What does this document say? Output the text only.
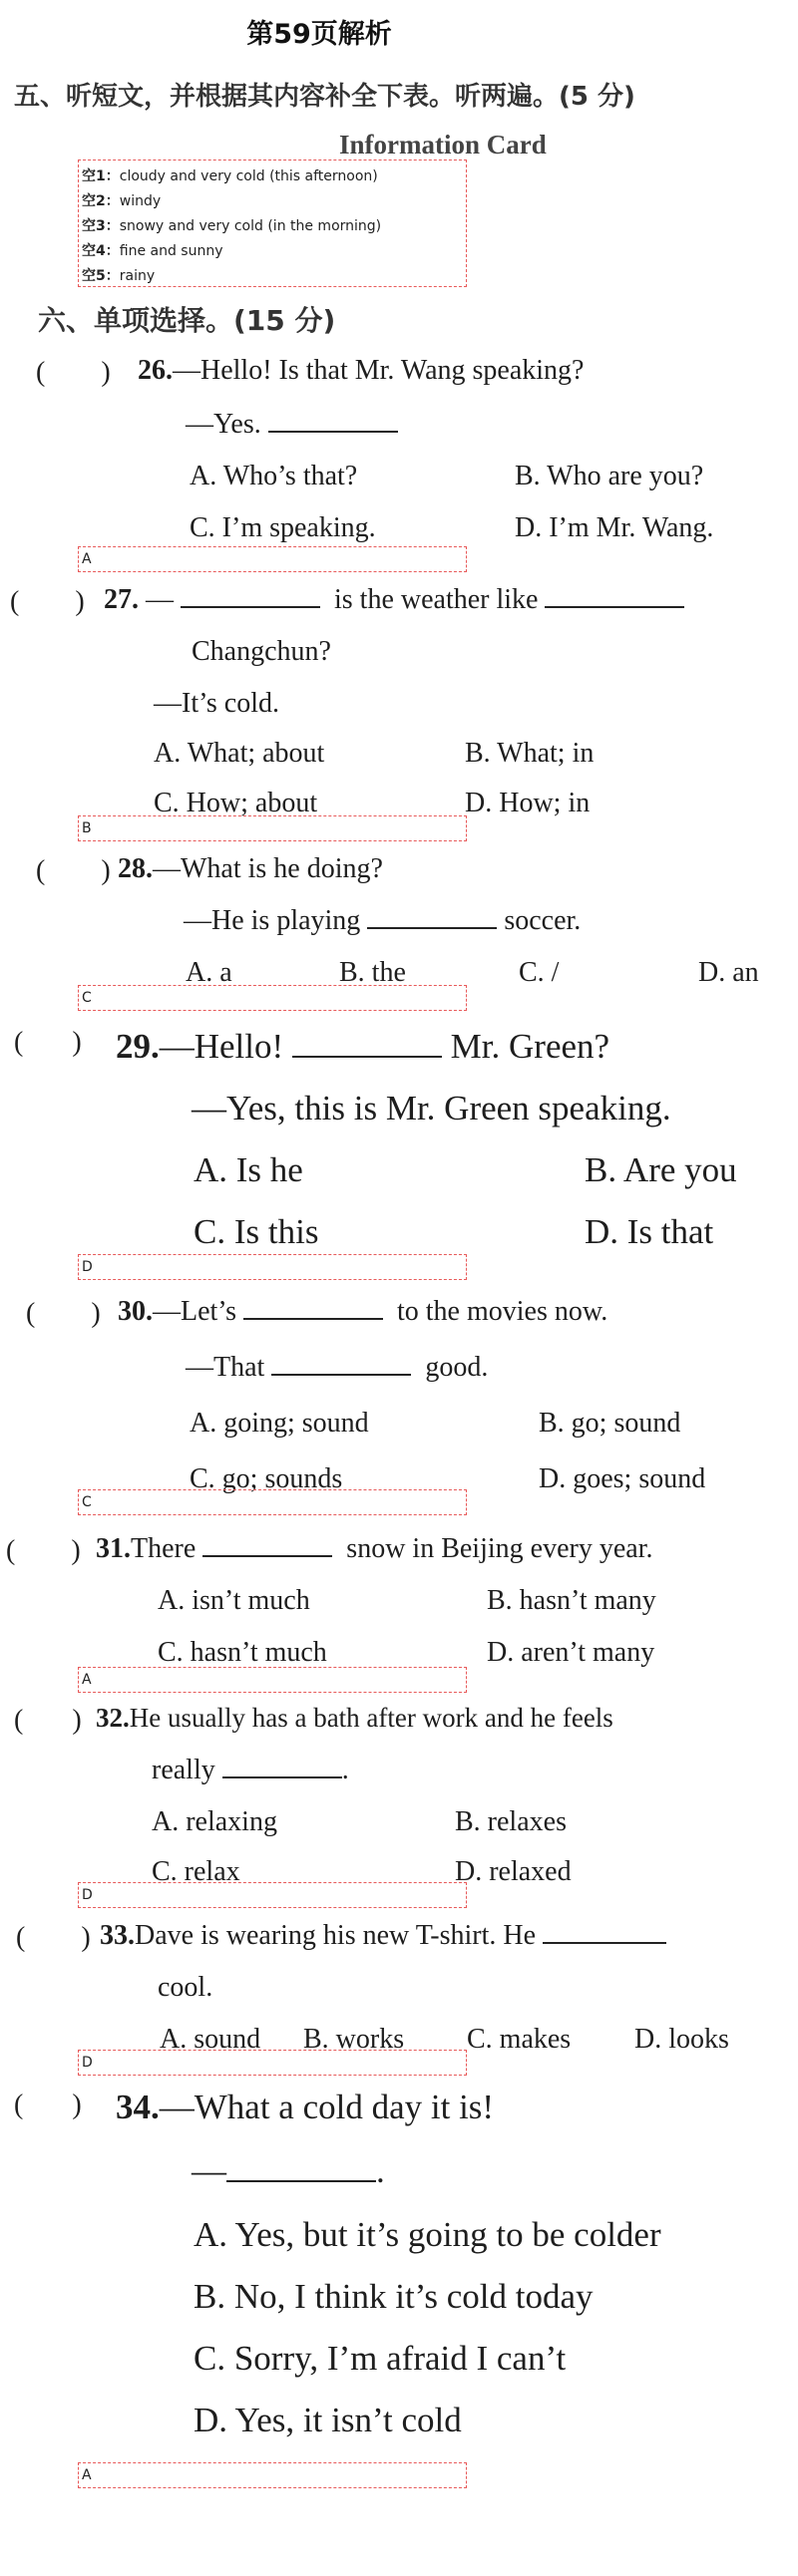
第59页解析
五、听短文，并根据其内容补全下表。听两遍。(5 分)
Information Card
空1：cloudy and very cold (this afternoon)
空2：windy
空3：snowy and very cold (in the morning)
空4：fine and sunny
空5：rainy
六、单项选择。(15 分)
(        ) 26.—Hello! Is that Mr. Wang speaking?
—Yes.
A. Who’s that?	B. Who are you?
C. I’m speaking.	D. I’m Mr. Wang.
A
(        ) 27. —	is the weather like
Changchun?
—It’s cold.
A. What; about	B. What; in
C. How; about	D. How; in
B
(        ) 28.—What is he doing?
—He is playing	soccer.
A. a	B. the	C. /	D. an
C
(       ) 29.—Hello!	Mr. Green?
—Yes, this is Mr. Green speaking.
A. Is he	B. Are you
C. Is this	D. Is that
D
(        ) 30.—Let’s	to the movies now.
—That	good.
A. going; sound	B. go; sound
C. go; sounds	D. goes; sound
C
(        ) 31.There	snow in Beijing every year.
A. isn’t much	B. hasn’t many
C. hasn’t much	D. aren’t many
A
(       ) 32.He usually has a bath after work and he feels
really	.
A. relaxing	B. relaxes
C. relax	D. relaxed
D
(        ) 33.Dave is wearing his new T-shirt. He
cool.
A. sound B. works C. makes D. looks
D
(       ) 34.—What a cold day it is!
—	.
A. Yes, but it’s going to be colder
B. No, I think it’s cold today
C. Sorry, I’m afraid I can’t
D. Yes, it isn’t cold
A
